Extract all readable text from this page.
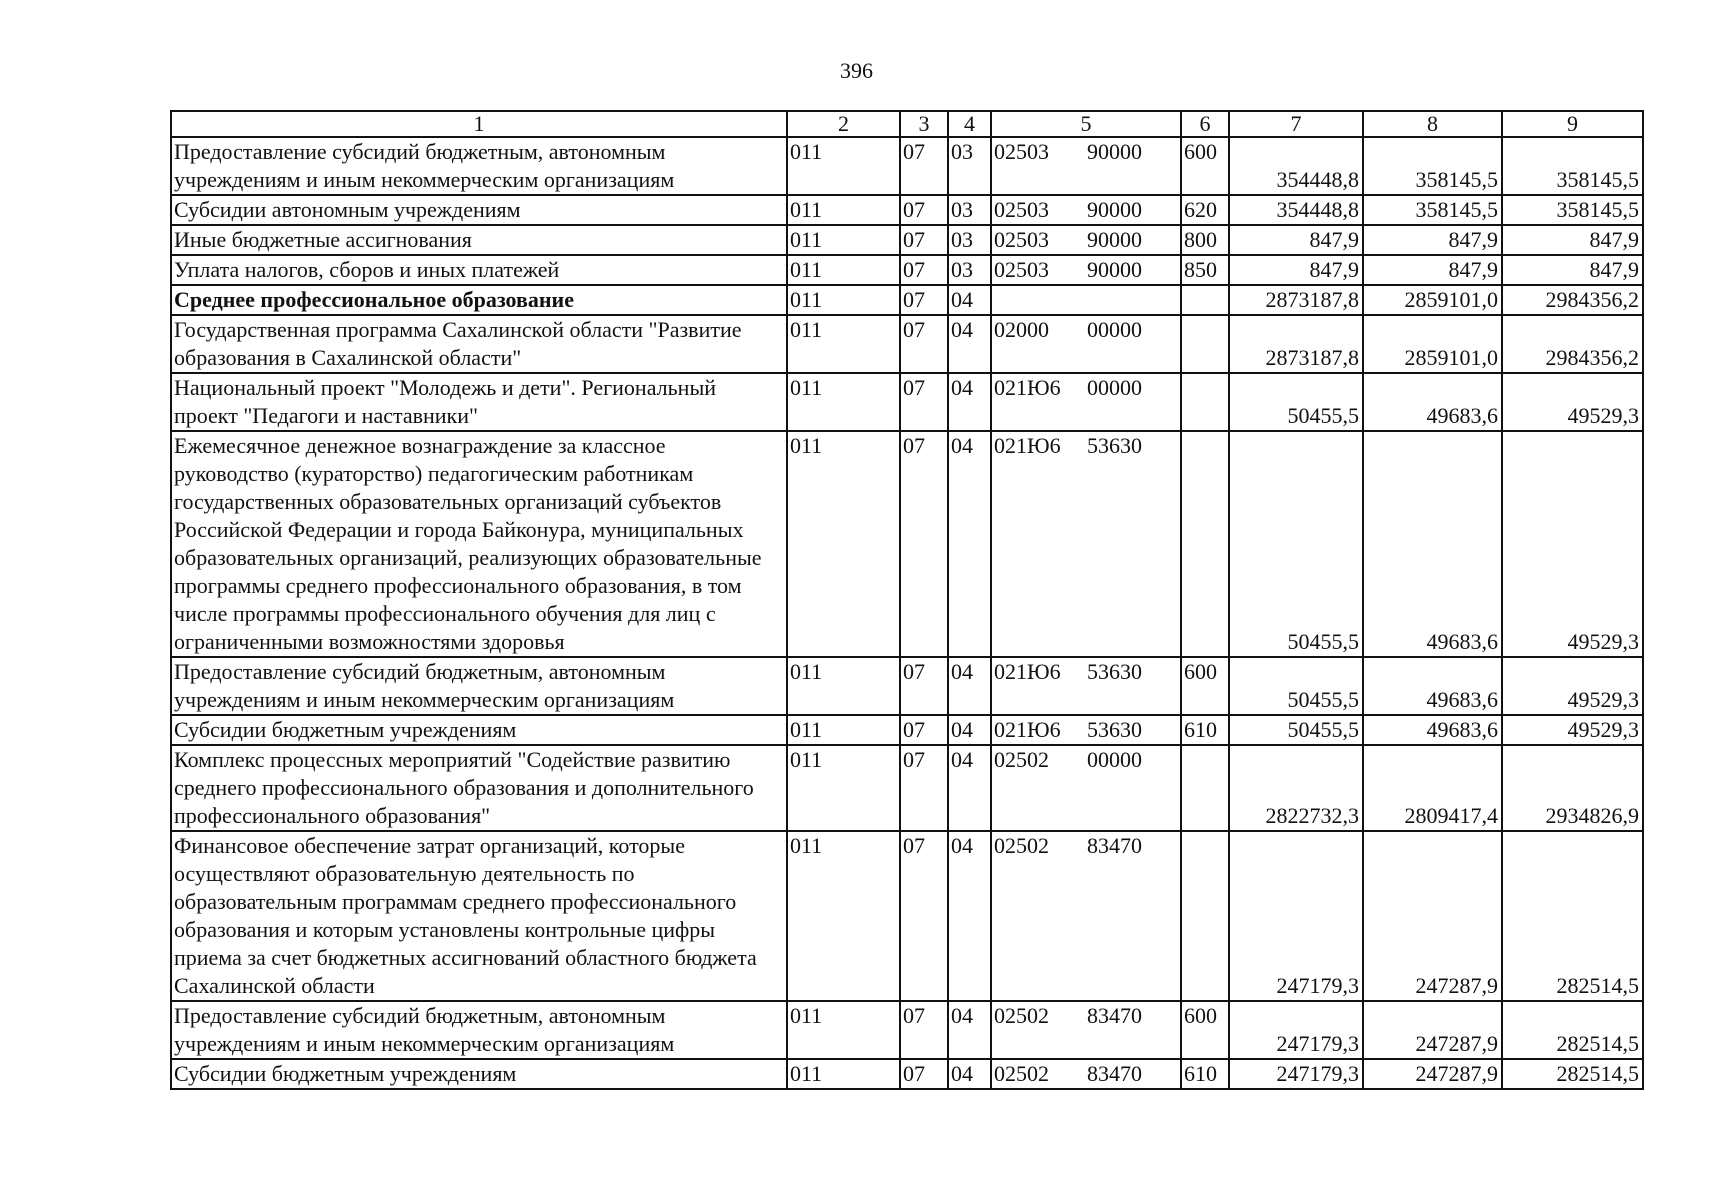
396
1	2	3	4	5	6	7	8	9
Предоставление субсидий бюджетным, автономным учреждениям и иным некоммерческим организациям	011	07	03	02503 90000	600	354448,8	358145,5	358145,5
Субсидии автономным учреждениям	011	07	03	02503 90000	620	354448,8	358145,5	358145,5
Иные бюджетные ассигнования	011	07	03	02503 90000	800	847,9	847,9	847,9
Уплата налогов, сборов и иных платежей	011	07	03	02503 90000	850	847,9	847,9	847,9
Среднее профессиональное образование	011	07	04			2873187,8	2859101,0	2984356,2
Государственная программа Сахалинской области "Развитие образования в Сахалинской области"	011	07	04	02000 00000		2873187,8	2859101,0	2984356,2
Национальный проект "Молодежь и дети". Региональный проект "Педагоги и наставники"	011	07	04	021Ю6 00000		50455,5	49683,6	49529,3
Ежемесячное денежное вознаграждение за классное руководство (кураторство) педагогическим работникам государственных образовательных организаций субъектов Российской Федерации и города Байконура, муниципальных образовательных организаций, реализующих образовательные программы среднего профессионального образования, в том числе программы профессионального обучения для лиц с ограниченными возможностями здоровья	011	07	04	021Ю6 53630		50455,5	49683,6	49529,3
Предоставление субсидий бюджетным, автономным учреждениям и иным некоммерческим организациям	011	07	04	021Ю6 53630	600	50455,5	49683,6	49529,3
Субсидии бюджетным учреждениям	011	07	04	021Ю6 53630	610	50455,5	49683,6	49529,3
Комплекс процессных мероприятий "Содействие развитию среднего профессионального образования и дополнительного профессионального образования"	011	07	04	02502 00000		2822732,3	2809417,4	2934826,9
Финансовое обеспечение затрат организаций, которые осуществляют образовательную деятельность по образовательным программам среднего профессионального образования и которым установлены контрольные цифры приема за счет бюджетных ассигнований областного бюджета Сахалинской области	011	07	04	02502 83470		247179,3	247287,9	282514,5
Предоставление субсидий бюджетным, автономным учреждениям и иным некоммерческим организациям	011	07	04	02502 83470	600	247179,3	247287,9	282514,5
Субсидии бюджетным учреждениям	011	07	04	02502 83470	610	247179,3	247287,9	282514,5
